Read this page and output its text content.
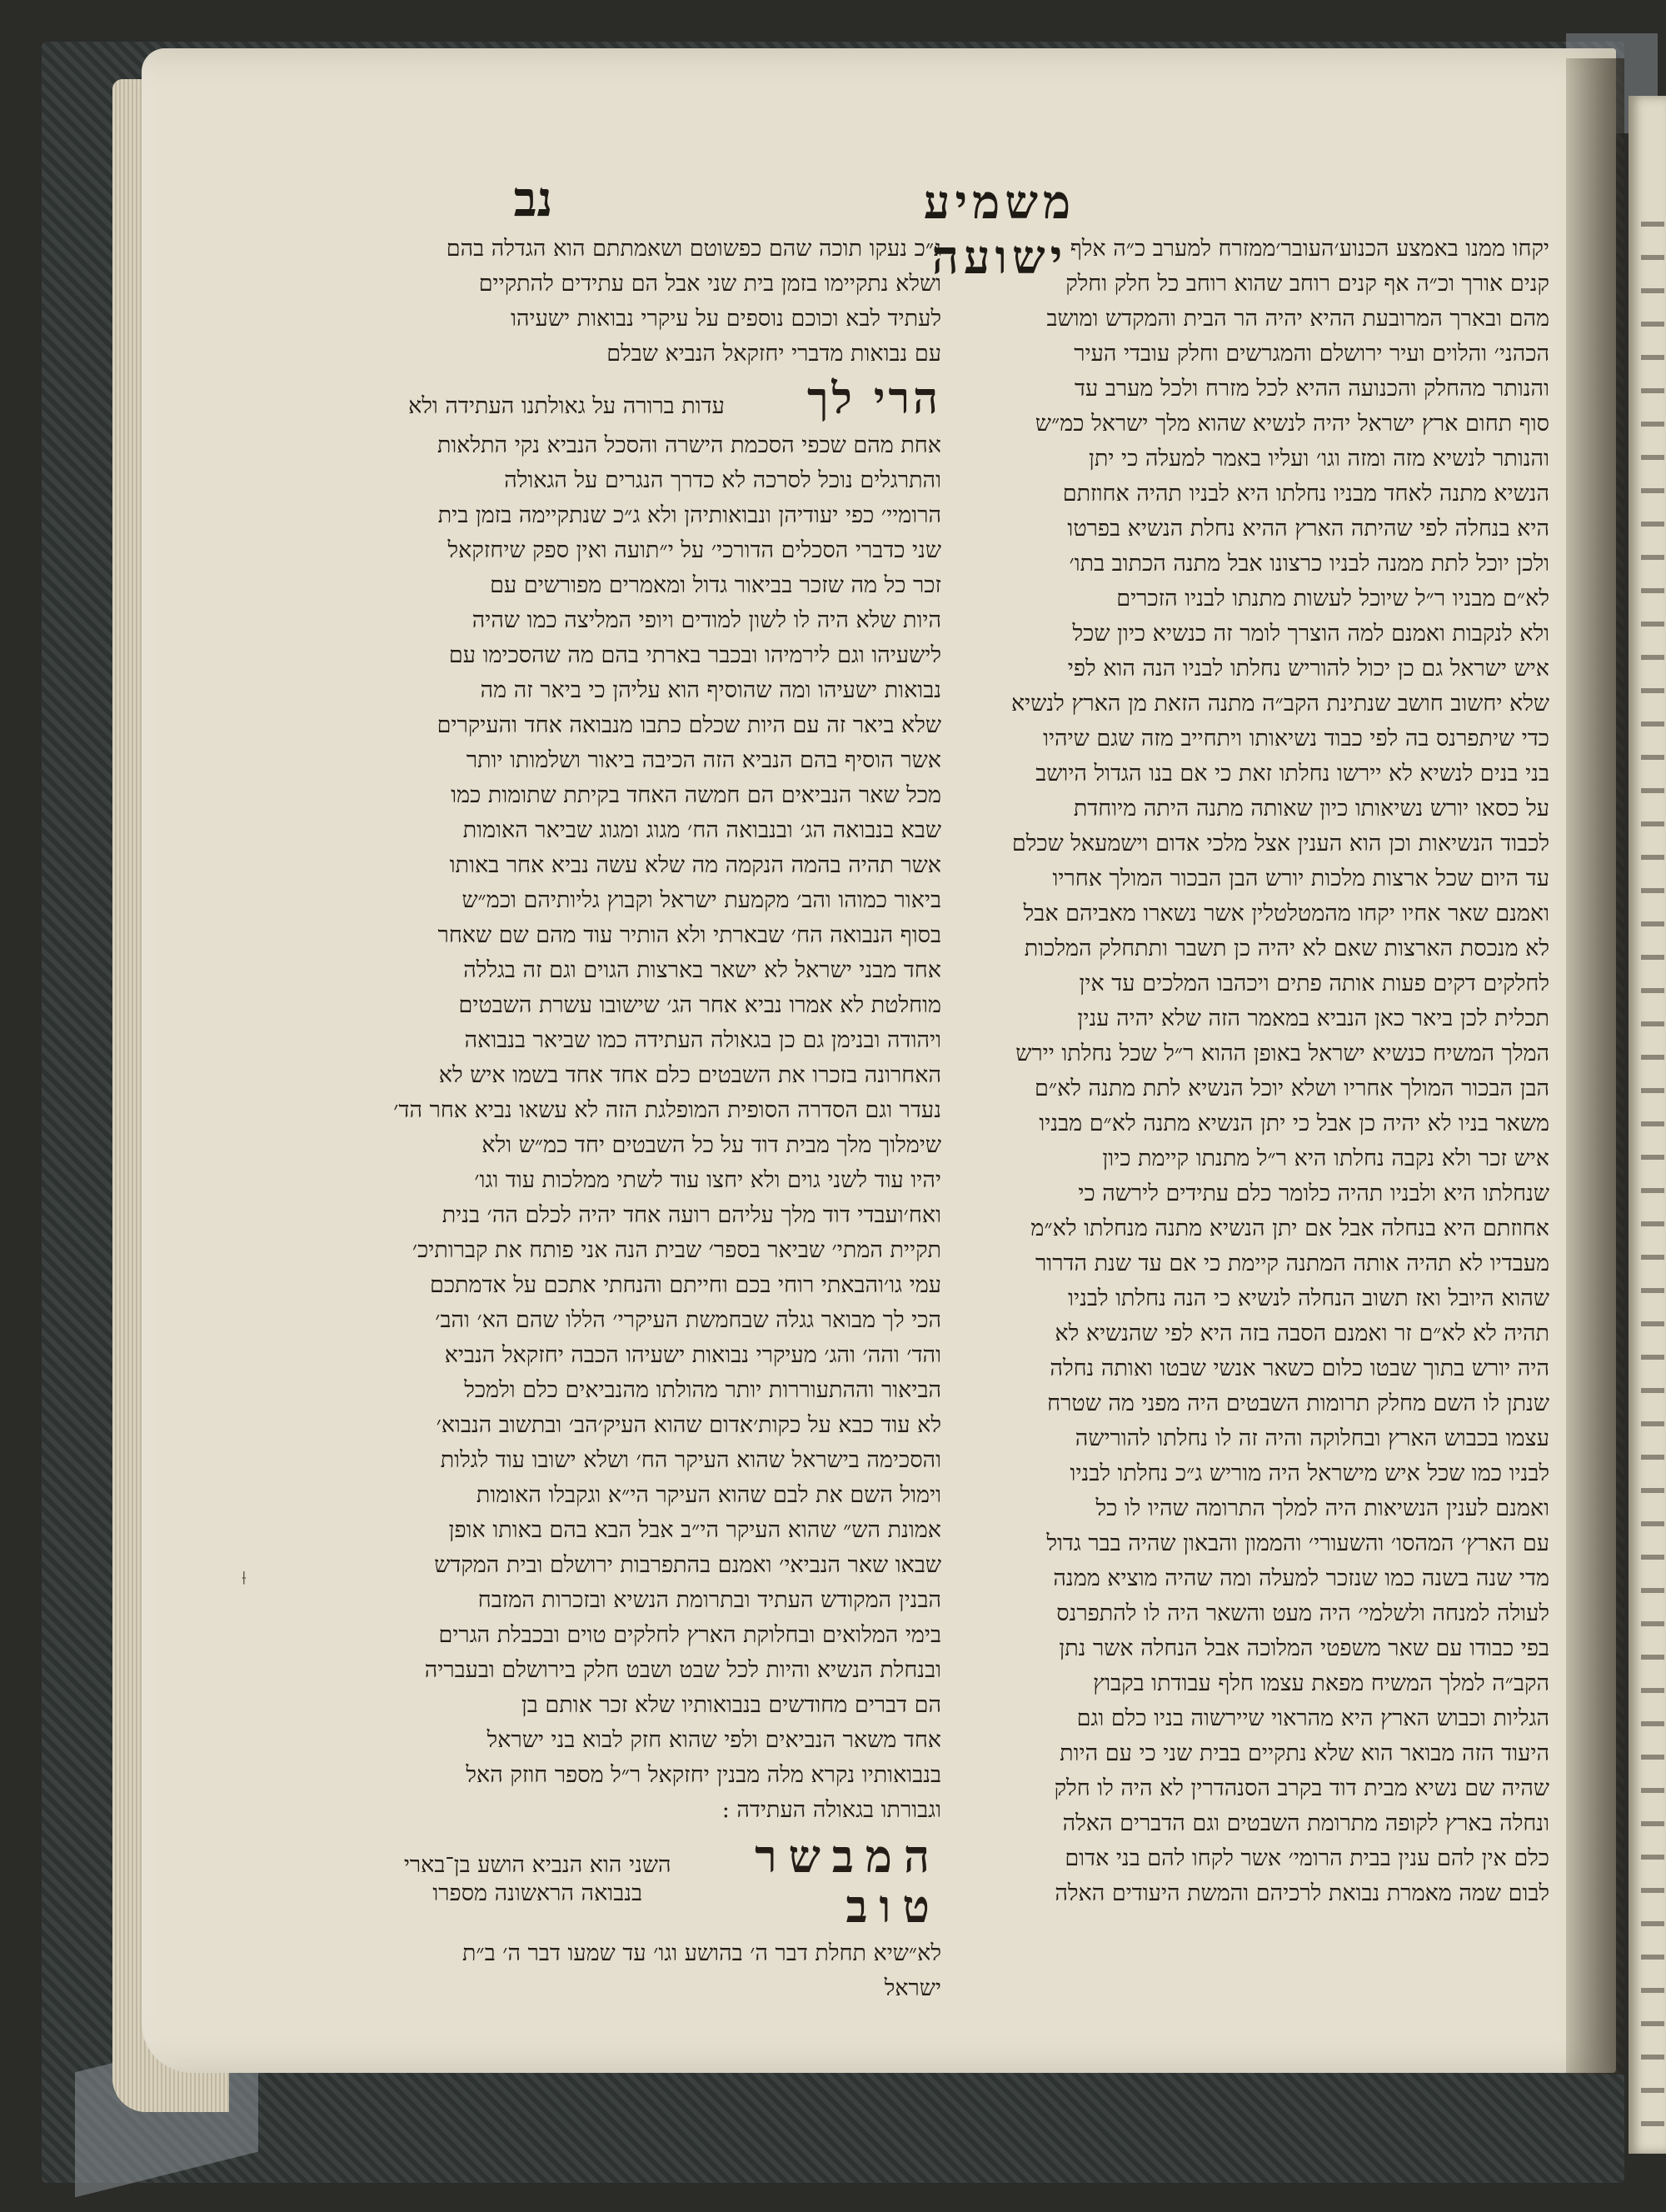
משמיע ישועה
נב
יקחו ממנו באמצע הכנוע׳העובר׳ממזרח למערב כ״ה אלף
קנים אורך וכ״ה אף קנים רוחב שהוא רוחב כל חלק וחלק
מהם ובארך המרובעת ההיא יהיה הר הבית והמקדש ומושב
הכהני׳ והלוים ועיר ירושלם והמגרשים וחלק עובדי העיר
והנותר מהחלק והכנועה ההיא לכל מזרח ולכל מערב עד
סוף תחום ארץ ישראל יהיה לנשיא שהוא מלך ישראל כמ״ש
והנותר לנשיא מזה ומזה וגו׳ ועליו באמר למעלה כי יתן
הנשיא מתנה לאחד מבניו נחלתו היא לבניו תהיה אחוזתם
היא בנחלה לפי שהיתה הארץ ההיא נחלת הנשיא בפרטו
ולכן יוכל לתת ממנה לבניו כרצונו אבל מתנה הכתוב בתו׳
לא״ם מבניו ר״ל שיוכל לעשות מתנתו לבניו הזכרים
ולא לנקבות ואמנם למה הוצרך לומר זה כנשיא כיון שכל
איש ישראל גם כן יכול להוריש נחלתו לבניו הנה הוא לפי
שלא יחשוב חושב שנתינת הקב״ה מתנה הזאת מן הארץ לנשיא
כדי שיתפרנס בה לפי כבוד נשיאותו ויתחייב מזה שגם שיהיו
בני בנים לנשיא לא יירשו נחלתו זאת כי אם בנו הגדול היושב
על כסאו יורש נשיאותו כיון שאותה מתנה היתה מיוחדת
לכבוד הנשיאות וכן הוא הענין אצל מלכי אדום וישמעאל שכלם
עד היום שכל ארצות מלכות יורש הבן הבכור המולך אחריו
ואמנם שאר אחיו יקחו מהמטלטלין אשר נשארו מאביהם אבל
לא מנכסת הארצות שאם לא יהיה כן תשבר ותתחלק המלכות
לחלקים דקים פעות אותה פתים ויכהבו המלכים עד אין
תכלית לכן ביאר כאן הנביא במאמר הזה שלא יהיה ענין
המלך המשיח כנשיא ישראל באופן ההוא ר״ל שכל נחלתו יירש
הבן הבכור המולך אחריו ושלא יוכל הנשיא לתת מתנה לא״ם
משאר בניו לא יהיה כן אבל כי יתן הנשיא מתנה לא״ם מבניו
איש זכר ולא נקבה נחלתו היא ר״ל מתנתו קיימת כיון
שנחלתו היא ולבניו תהיה כלומר כלם עתידים לירשה כי
אחוזתם היא בנחלה אבל אם יתן הנשיא מתנה מנחלתו לא״מ
מעבדיו לא תהיה אותה המתנה קיימת כי אם עד שנת הדרור
שהוא היובל ואז תשוב הנחלה לנשיא כי הנה נחלתו לבניו
תהיה לא לא״ם זר ואמנם הסבה בזה היא לפי שהנשיא לא
היה יורש בתוך שבטו כלום כשאר אנשי שבטו ואותה נחלה
שנתן לו השם מחלק תרומות השבטים היה מפני מה שטרח
עצמו בכבוש הארץ ובחלוקה והיה זה לו נחלתו להורישה
לבניו כמו שכל איש מישראל היה מוריש ג״כ נחלתו לבניו
ואמנם לענין הנשיאות היה למלך התרומה שהיו לו כל
עם הארץ׳ המהסו׳ והשעורי׳ והממון והבאון שהיה בבר גדול
מדי שנה בשנה כמו שנזכר למעלה ומה שהיה מוציא ממנה
לעולה למנחה ולשלמי׳ היה מעט והשאר היה לו להתפרנס
בפי כבודו עם שאר משפטי המלוכה אבל הנחלה אשר נתן
הקב״ה למלך המשיח מפאת עצמו חלף עבודתו בקבוץ
הגליות וכבוש הארץ היא מהראוי שיירשוה בניו כלם וגם
היעוד הזה מבואר הוא שלא נתקיים בבית שני כי עם היות
שהיה שם נשיא מבית דוד בקרב הסנהדרין לא היה לו חלק
ונחלה בארץ לקופה מתרומת השבטים וגם הדברים האלה
כלם אין להם ענין בבית הרומי׳ אשר לקחו להם בני אדום
לבום שמה מאמרת נבואת לרכיהם והמשת היעודים האלה
ג״כ נעקו תוכה שהם כפשוטם ושאמתתם הוא הגדלה בהם
ושלא נתקיימו בזמן בית שני אבל הם עתידים להתקיים
לעתיד לבא וכוכם נוספים על עיקרי נבואות ישעיהו
עם נבואות מדברי יחזקאל הנביא שבלם
הרי לך
עדות ברורה על גאולתנו העתידה ולא
אחת מהם שכפי הסכמת הישרה והסכל הנביא נקי התלאות
והתרגלים נוכל לסרכה לא כדרך הנגרים על הגאולה
הרומיי׳ כפי יעודיהן ונבואותיהן ולא ג״כ שנתקיימה בזמן בית
שני כדברי הסכלים הדורכי׳ על י״תועה ואין ספק שיחזקאל
זכר כל מה שזכר בביאור גדול ומאמרים מפורשים עם
היות שלא היה לו לשון למודים ויופי המליצה כמו שהיה
לישעיהו וגם לירמיהו ובכבר בארתי בהם מה שהסכימו עם
נבואות ישעיהו ומה שהוסיף הוא עליהן כי ביאר זה מה
שלא ביאר זה עם היות שכלם כתבו מנבואה אחד והעיקרים
אשר הוסיף בהם הנביא הזה הכיבה ביאור ושלמותו יותר
מכל שאר הנביאים הם חמשה האחד בקיתת שתומות כמו
שבא בנבואה הג׳ ובנבואה הח׳ מגוג ומגוג שביאר האומות
אשר תהיה בהמה הנקמה מה שלא עשה נביא אחר באותו
ביאור כמוהו והב׳ מקמעת ישראל וקבוץ גליותיהם וכמ״ש
בסוף הנבואה הח׳ שבארתי ולא הותיר עוד מהם שם שאחר
אחד מבני ישראל לא ישאר בארצות הגוים וגם זה בגללה
מוחלטת לא אמרו נביא אחר הג׳ שישובו עשרת השבטים
ויהודה ובנימן גם כן בגאולה העתידה כמו שביאר בנבואה
האחרונה בזכרו את השבטים כלם אחד אחד בשמו איש לא
נעדר וגם הסדרה הסופית המופלגת הזה לא עשאו נביא אחר הד׳
שימלוך מלך מבית דוד על כל השבטים יחד כמ״ש ולא
יהיו עוד לשני גוים ולא יחצו עוד לשתי ממלכות עוד וגו׳
ואח׳ועבדי דוד מלך עליהם רועה אחד יהיה לכלם הה׳ בנית
תקיית המתי׳ שביאר בספר׳ שבית הנה אני פותח את קברותיכ׳
עמי גו׳והבאתי רוחי בכם וחייתם והנחתי אתכם על אדמתכם
הכי לך מבואר גגלה שבחמשת העיקרי׳ הללו שהם הא׳ והב׳
והד׳ והה׳ והג׳ מעיקרי נבואות ישעיהו הכבה יחזקאל הנביא
הביאור וההתעוררות יותר מהולתו מהנביאים כלם ולמכל
לא עוד כבא על כקות׳אדום שהוא העיק׳הב׳ ובתשוב הנבוא׳
והסכימה בישראל שהוא העיקר הח׳ ושלא ישובו עוד לגלות
וימול השם את לבם שהוא העיקר הי״א וגקבלו האומות
אמונת הש״ שהוא העיקר הי״ב אבל הבא בהם באותו אופן
שבאו שאר הנביאי׳ ואמנם בהתפרבות ירושלם ובית המקדש
הבנין המקודש העתיד ובתרומת הנשיא ובזכרות המזבח
בימי המלואים ובחלוקת הארץ לחלקים טוים ובכבלת הגרים
ובנחלת הנשיא והיות לכל שבט ושבט חלק בירושלם ובעבריה
הם דברים מחודשים בנבואותיו שלא זכר אותם בן
אחד משאר הנביאים ולפי שהוא חזק לבוא בני ישראל
בנבואותיו נקרא מלה מבנין יחזקאל ר״ל מספר חוזק האל
וגבורתו בגאולה העתידה :
המבשר טוב
השני הוא הנביא הושע בן־בארי בנבואה הראשונה מספרו
לא״שיא תחלת דבר ה׳ בהושע וגו׳ עד שמעו דבר ה׳ ב״ת
ישראל
⟊
